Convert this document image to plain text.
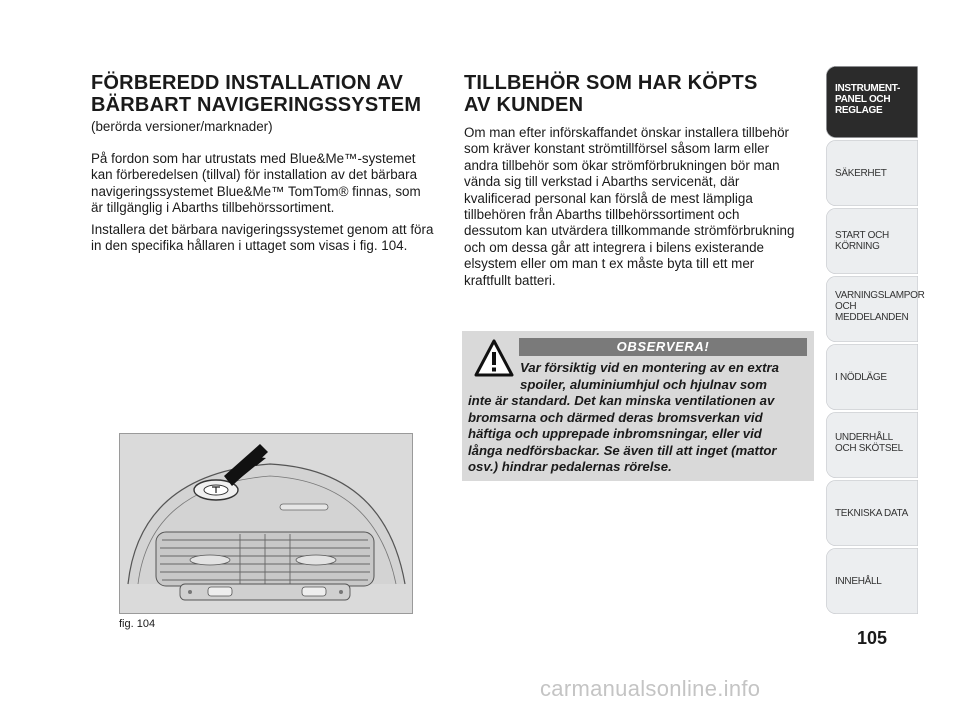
FÖRBEREDD INSTALLATION AV
BÄRBART NAVIGERINGSSYSTEM

(berörda versioner/marknader)

På fordon som har utrustats med Blue&Me™-systemet
kan förberedelsen (tillval) för installation av det bärbara
navigeringssystemet Blue&Me™ TomTom® finnas, som
är tillgänglig i Abarths tillbehörssortiment.

Installera det bärbara navigeringssystemet genom att föra
in den specifika hållaren i uttaget som visas i fig. 104.

fig. 104
TILLBEHÖR SOM HAR KÖPTS
AV KUNDEN

Om man efter införskaffandet önskar installera tillbehör
som kräver konstant strömtillförsel såsom larm eller
andra tillbehör som ökar strömförbrukningen bör man
vända sig till verkstad i Abarths servicenät, där
kvalificerad personal kan förslå de mest lämpliga
tillbehören från Abarths tillbehörssortiment och
dessutom kan utvärdera tillkommande strömförbrukning
och om dessa går att integrera i bilens existerande
elsystem eller om man t ex måste byta till ett mer
kraftfullt batteri.

OBSERVERA!

Var försiktig vid en montering av en extra
spoiler, aluminiumhjul och hjulnav som

inte är standard. Det kan minska ventilationen av
bromsarna och därmed deras bromsverkan vid
häftiga och upprepade inbromsningar, eller vid
långa nedförsbackar. Se även till att inget (mattor
osv.) hindrar pedalernas rörelse.

INSTRUMENT-
PANEL OCH
REGLAGE
SÄKERHET
START OCH
KÖRNING
VARNINGSLAMPOR
OCH
MEDDELANDEN
I NÖDLÄGE
UNDERHÅLL
OCH SKÖTSEL
TEKNISKA DATA
INNEHÅLL
105
carmanualsonline.info
